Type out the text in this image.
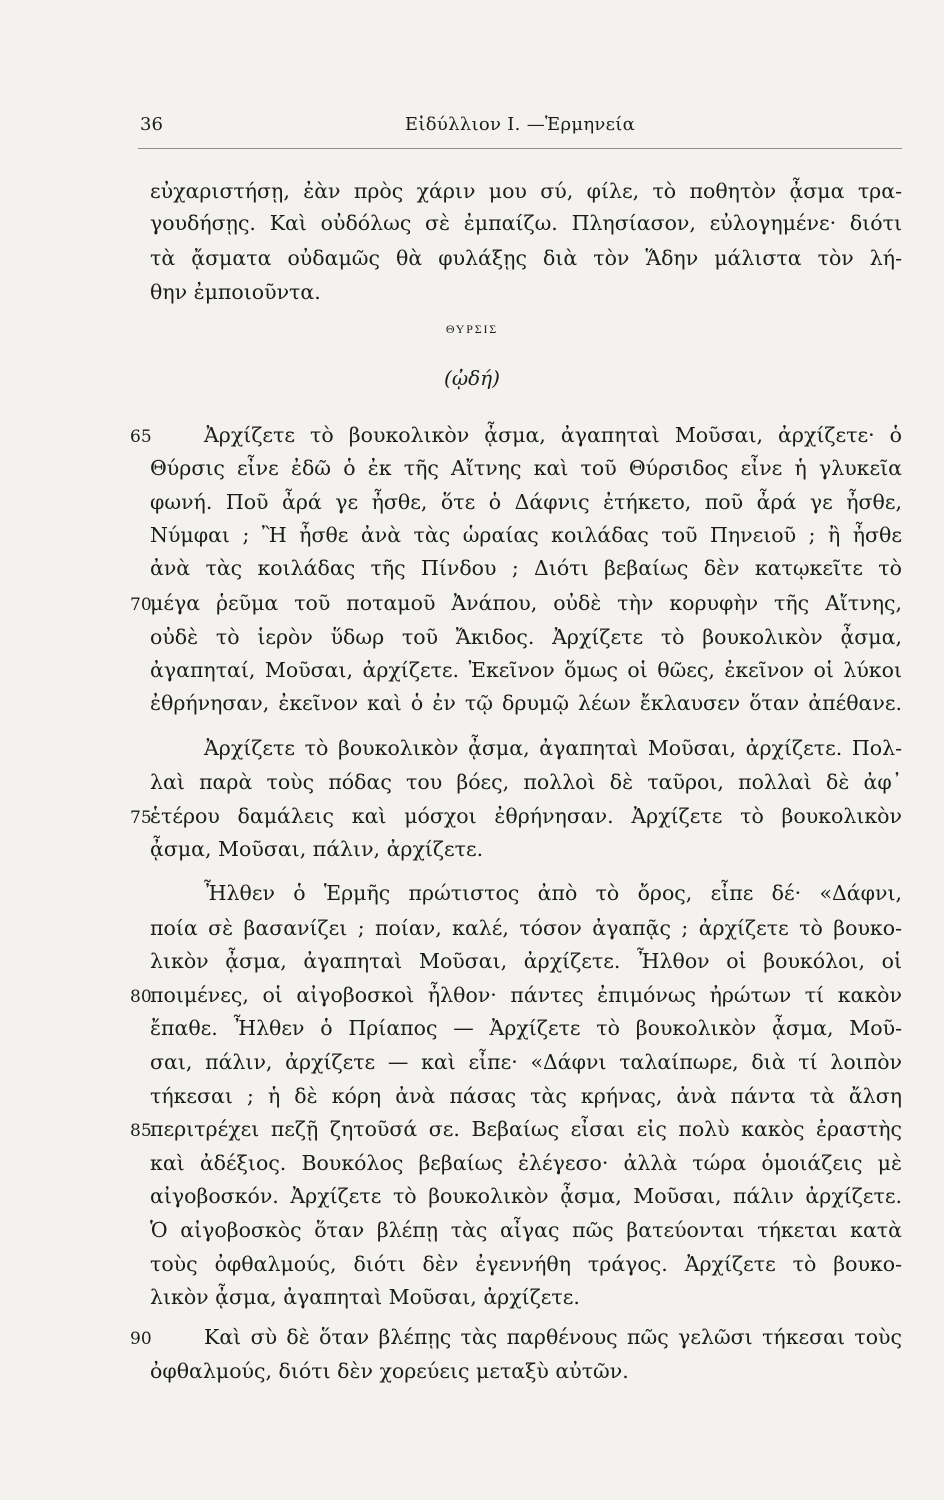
36	Εἰδύλλιον Ι. —Ἑρμηνεία
εὐχαριστήσῃ, ἐὰν πρὸς χάριν μου σύ, φίλε, τὸ ποθητὸν ᾆσμα τρα-
γουδήσῃς. Καὶ οὐδόλως σὲ ἐμπαίζω. Πλησίασον, εὐλογημένε· διότι
τὰ ᾄσματα οὐδαμῶς θὰ φυλάξῃς διὰ τὸν Ἅδην μάλιστα τὸν λή-
θην ἐμποιοῦντα.
ΘΥΡΣΙΣ
(ᾠδή)
65	Ἀρχίζετε τὸ βουκολικὸν ᾆσμα, ἀγαπηταὶ Μοῦσαι, ἀρχίζετε· ὁ
Θύρσις εἶνε ἐδῶ ὁ ἐκ τῆς Αἴτνης καὶ τοῦ Θύρσιδος εἶνε ἡ γλυκεῖα
φωνή. Ποῦ ἆρά γε ἦσθε, ὅτε ὁ Δάφνις ἐτήκετο, ποῦ ἆρά γε ἦσθε,
Νύμφαι ; Ἢ ἦσθε ἀνὰ τὰς ὡραίας κοιλάδας τοῦ Πηνειοῦ ; ἢ ἦσθε
ἀνὰ τὰς κοιλάδας τῆς Πίνδου ; Διότι βεβαίως δὲν κατῳκεῖτε τὸ
70
μέγα ῥεῦμα τοῦ ποταμοῦ Ἀνάπου, οὐδὲ τὴν κορυφὴν τῆς Αἴτνης,
οὐδὲ τὸ ἱερὸν ὕδωρ τοῦ Ἄκιδος. Ἀρχίζετε τὸ βουκολικὸν ᾆσμα,
ἀγαπηταί, Μοῦσαι, ἀρχίζετε. Ἐκεῖνον ὅμως οἱ θῶες, ἐκεῖνον οἱ λύκοι
ἐθρήνησαν, ἐκεῖνον καὶ ὁ ἐν τῷ δρυμῷ λέων ἔκλαυσεν ὅταν ἀπέθανε.
Ἀρχίζετε τὸ βουκολικὸν ᾆσμα, ἀγαπηταὶ Μοῦσαι, ἀρχίζετε. Πολ-
λαὶ παρὰ τοὺς πόδας του βόες, πολλοὶ δὲ ταῦροι, πολλαὶ δὲ ἀφ᾽
75
ἑτέρου δαμάλεις καὶ μόσχοι ἐθρήνησαν. Ἀρχίζετε τὸ βουκολικὸν
ᾆσμα, Μοῦσαι, πάλιν, ἀρχίζετε.
Ἦλθεν ὁ Ἑρμῆς πρώτιστος ἀπὸ τὸ ὄρος, εἶπε δέ· «Δάφνι,
ποία σὲ βασανίζει ; ποίαν, καλέ, τόσον ἀγαπᾷς ; ἀρχίζετε τὸ βουκο-
λικὸν ᾆσμα, ἀγαπηταὶ Μοῦσαι, ἀρχίζετε. Ἦλθον οἱ βουκόλοι, οἱ
80
ποιμένες, οἱ αἰγοβοσκοὶ ἦλθον· πάντες ἐπιμόνως ἠρώτων τί κακὸν
ἔπαθε. Ἦλθεν ὁ Πρίαπος — Ἀρχίζετε τὸ βουκολικὸν ᾆσμα, Μοῦ-
σαι, πάλιν, ἀρχίζετε — καὶ εἶπε· «Δάφνι ταλαίπωρε, διὰ τί λοιπὸν
τήκεσαι ; ἡ δὲ κόρη ἀνὰ πάσας τὰς κρήνας, ἀνὰ πάντα τὰ ἄλση
85
περιτρέχει πεζῇ ζητοῦσά σε. Βεβαίως εἶσαι εἰς πολὺ κακὸς ἐραστὴς
καὶ ἀδέξιος. Βουκόλος βεβαίως ἐλέγεσο· ἀλλὰ τώρα ὁμοιάζεις μὲ
αἰγοβοσκόν. Ἀρχίζετε τὸ βουκολικὸν ᾆσμα, Μοῦσαι, πάλιν ἀρχίζετε.
Ὁ αἰγοβοσκὸς ὅταν βλέπῃ τὰς αἶγας πῶς βατεύονται τήκεται κατὰ
τοὺς ὀφθαλμούς, διότι δὲν ἐγεννήθη τράγος. Ἀρχίζετε τὸ βουκο-
λικὸν ᾆσμα, ἀγαπηταὶ Μοῦσαι, ἀρχίζετε.
90	Καὶ σὺ δὲ ὅταν βλέπῃς τὰς παρθένους πῶς γελῶσι τήκεσαι τοὺς
ὀφθαλμούς, διότι δὲν χορεύεις μεταξὺ αὐτῶν.
